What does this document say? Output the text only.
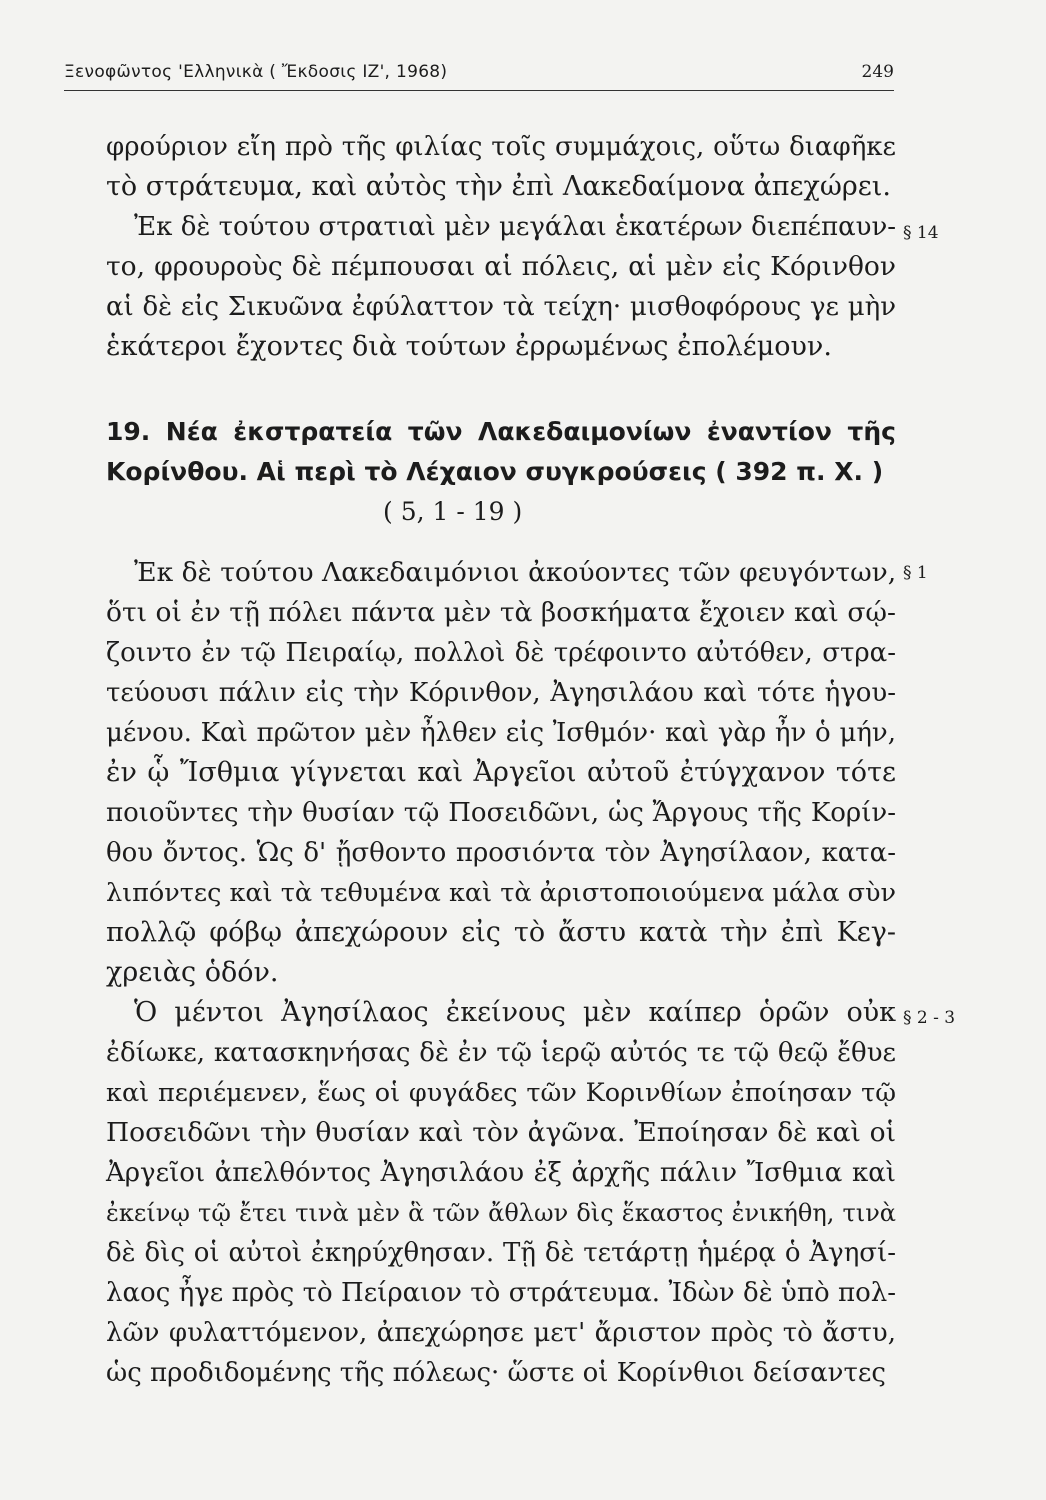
Ξενοφῶντος 'Ελληνικὰ ( Ἔκδοσις ΙΖ', 1968)	249
φρούριον εἴη πρὸ τῆς φιλίας τοῖς συμμάχοις, οὕτω διαφῆκε
τὸ στράτευμα, καὶ αὐτὸς τὴν ἐπὶ Λακεδαίμονα ἀπεχώρει.
Ἐκ δὲ τούτου στρατιαὶ μὲν μεγάλαι ἑκατέρων διεπέπαυν-
το, φρουροὺς δὲ πέμπουσαι αἱ πόλεις, αἱ μὲν εἰς Κόρινθον
αἱ δὲ εἰς Σικυῶνα ἐφύλαττον τὰ τείχη· μισθοφόρους γε μὴν
ἑκάτεροι ἔχοντες διὰ τούτων ἐρρωμένως ἐπολέμουν.
§ 14
19. Νέα ἐκστρατεία τῶν Λακεδαιμονίων ἐναντίον τῆς
Κορίνθου. Αἱ περὶ τὸ Λέχαιον συγκρούσεις ( 392 π. Χ. )
( 5, 1 - 19 )
Ἐκ δὲ τούτου Λακεδαιμόνιοι ἀκούοντες τῶν φευγόντων,
ὅτι οἱ ἐν τῇ πόλει πάντα μὲν τὰ βοσκήματα ἔχοιεν καὶ σῴ-
ζοιντο ἐν τῷ Πειραίῳ, πολλοὶ δὲ τρέφοιντο αὐτόθεν, στρα-
τεύουσι πάλιν εἰς τὴν Κόρινθον, Ἀγησιλάου καὶ τότε ἡγου-
μένου. Καὶ πρῶτον μὲν ἦλθεν εἰς Ἰσθμόν· καὶ γὰρ ἦν ὁ μήν,
ἐν ᾧ Ἴσθμια γίγνεται καὶ Ἀργεῖοι αὐτοῦ ἐτύγχανον τότε
ποιοῦντες τὴν θυσίαν τῷ Ποσειδῶνι, ὡς Ἄργους τῆς Κορίν-
θου ὄντος. Ὡς δ' ᾔσθοντο προσιόντα τὸν Ἀγησίλαον, κατα-
λιπόντες καὶ τὰ τεθυμένα καὶ τὰ ἀριστοποιούμενα μάλα σὺν
πολλῷ φόβῳ ἀπεχώρουν εἰς τὸ ἄστυ κατὰ τὴν ἐπὶ Κεγ-
χρειὰς ὁδόν.
§ 1
Ὁ μέντοι Ἀγησίλαος ἐκείνους μὲν καίπερ ὁρῶν οὐκ
ἐδίωκε, κατασκηνήσας δὲ ἐν τῷ ἱερῷ αὐτός τε τῷ θεῷ ἔθυε
καὶ περιέμενεν, ἕως οἱ φυγάδες τῶν Κορινθίων ἐποίησαν τῷ
Ποσειδῶνι τὴν θυσίαν καὶ τὸν ἀγῶνα. Ἐποίησαν δὲ καὶ οἱ
Ἀργεῖοι ἀπελθόντος Ἀγησιλάου ἐξ ἀρχῆς πάλιν Ἴσθμια καὶ
ἐκείνῳ τῷ ἔτει τινὰ μὲν ἃ τῶν ἄθλων δὶς ἕκαστος ἐνικήθη, τινὰ
δὲ δὶς οἱ αὐτοὶ ἐκηρύχθησαν. Τῇ δὲ τετάρτῃ ἡμέρᾳ ὁ Ἀγησί-
λαος ἦγε πρὸς τὸ Πείραιον τὸ στράτευμα. Ἰδὼν δὲ ὑπὸ πολ-
λῶν φυλαττόμενον, ἀπεχώρησε μετ' ἄριστον πρὸς τὸ ἄστυ,
ὡς προδιδομένης τῆς πόλεως· ὥστε οἱ Κορίνθιοι δείσαντες
§ 2 - 3
